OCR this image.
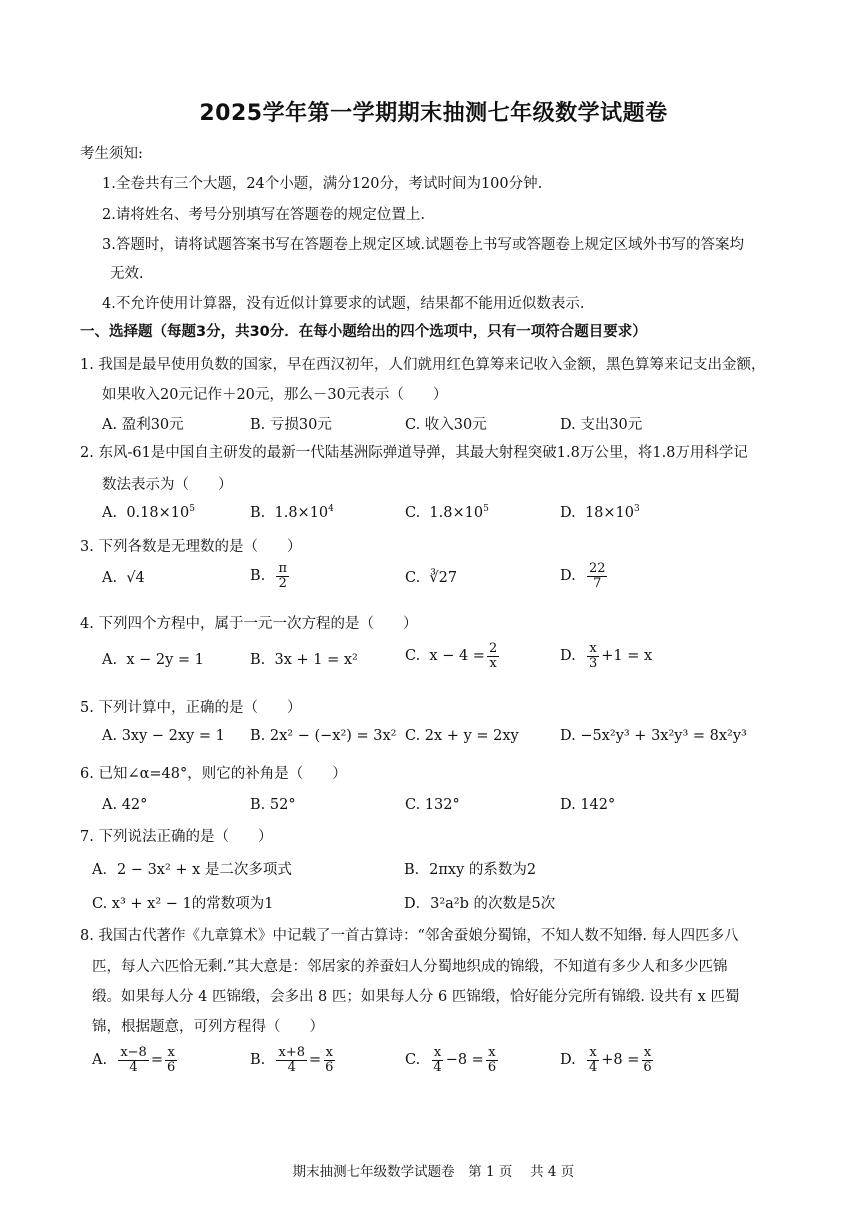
2025学年第一学期期末抽测七年级数学试题卷
考生须知:
1.全卷共有三个大题，24个小题，满分120分，考试时间为100分钟.
2.请将姓名、考号分别填写在答题卷的规定位置上.
3.答题时，请将试题答案书写在答题卷上规定区域.试题卷上书写或答题卷上规定区域外书写的答案均
无效.
4.不允许使用计算器，没有近似计算要求的试题，结果都不能用近似数表示.
一、选择题（每题3分，共30分．在每小题给出的四个选项中，只有一项符合题目要求）
1. 我国是最早使用负数的国家，早在西汉初年，人们就用红色算筹来记收入金额，黑色算筹来记支出金额，
如果收入20元记作＋20元，那么－30元表示（　　）
A. 盈利30元	B. 亏损30元	C. 收入30元	D. 支出30元
2. 东风-61是中国自主研发的最新一代陆基洲际弹道导弹，其最大射程突破1.8万公里，将1.8万用科学记
数法表示为（　　）
A. $0.18\times 10^5$	B. $1.8\times 10^4$	C. $1.8\times 10^5$	D. $18\times 10^3$
3. 下列各数是无理数的是（　　）
A. √4	B. $\frac{\pi}{2}$	C. ∛27	D. $\frac{22}{7}$
4. 下列四个方程中，属于一元一次方程的是（　　）
A. x − 2y = 1	B. 3x + 1 = x²	C. $x - 4 = \frac{2}{x}$	D. $\frac{x}{3} +1 = x$
5. 下列计算中，正确的是（　　）
A. 3xy − 2xy = 1 B. 2x² − (−x²) = 3x² C. 2x + y = 2xy	D. −5x²y³ + 3x²y³ = 8x²y³
6. 已知∠α=48°，则它的补角是（　　）
A. 42°	B. 52°	C. 132°	D. 142°
7. 下列说法正确的是（　　）
A．2 − 3x² + x 是二次多项式	B．2πxy 的系数为2
C. x³ + x² − 1的常数项为1	D．3²a²b 的次数是5次
8. 我国古代著作《九章算术》中记载了一首古算诗：“邻舍蚕娘分蜀锦，不知人数不知缗. 每人四匹多八
匹，每人六匹恰无剩.”其大意是：邻居家的养蚕妇人分蜀地织成的锦缎，不知道有多少人和多少匹锦
缎。如果每人分 4 匹锦缎，会多出 8 匹；如果每人分 6 匹锦缎，恰好能分完所有锦缎. 设共有 x 匹蜀
锦，根据题意，可列方程得（　　）
A. $\frac{x-8}{4} = \frac{x}{6}$	B. $\frac{x+8}{4} = \frac{x}{6}$	C. $\frac{x}{4} -8 = \frac{x}{6}$	D. $\frac{x}{4} +8 = \frac{x}{6}$
期末抽测七年级数学试题卷　第 1 页　 共 4 页
